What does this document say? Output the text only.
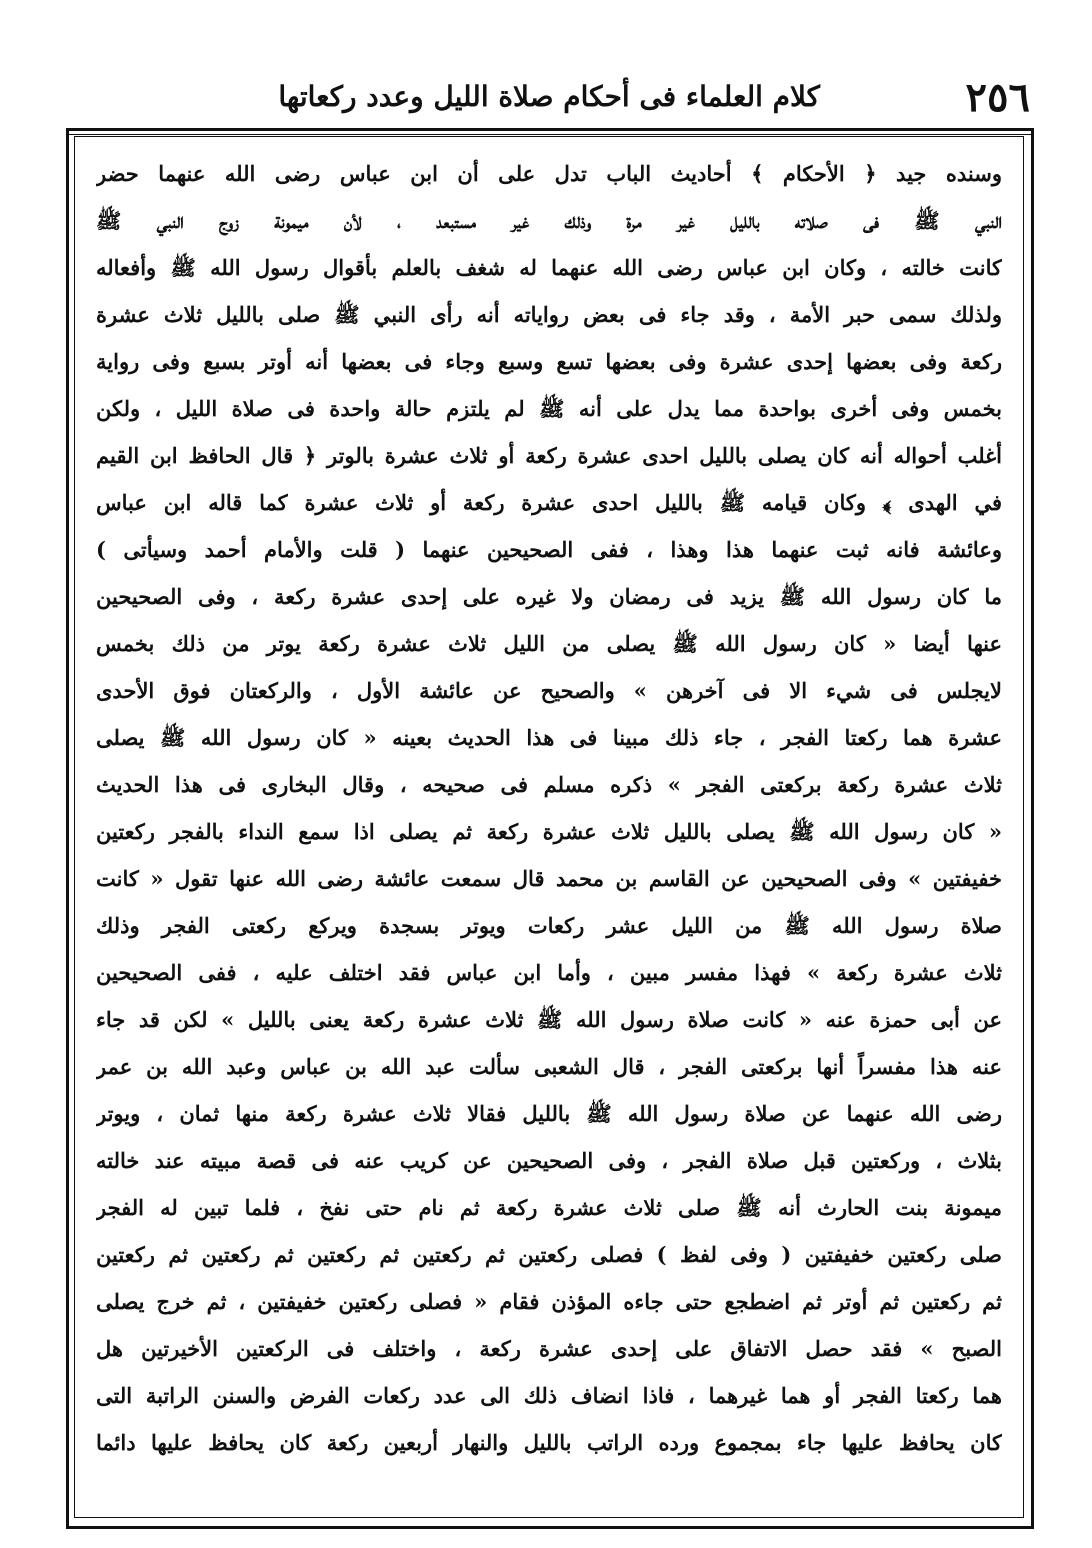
٢٥٦
كلام العلماء فى أحكام صلاة الليل وعدد ركعاتها
وسنده جيد ﴿ الأحكام ﴾ أحاديث الباب تدل على أن ابن عباس رضى الله عنهما حضر
النبي ﷺ فى صلاته بالليل غير مرة وذلك غير مستبعد ، لأن ميمونة زوج النبي ﷺ
كانت خالته ، وكان ابن عباس رضى الله عنهما له شغف بالعلم بأقوال رسول الله ﷺ وأفعاله
ولذلك سمى حبر الأمة ، وقد جاء فى بعض رواياته أنه رأى النبي ﷺ صلى بالليل ثلاث عشرة
ركعة وفى بعضها إحدى عشرة وفى بعضها تسع وسبع وجاء فى بعضها أنه أوتر بسبع وفى رواية
بخمس وفى أخرى بواحدة مما يدل على أنه ﷺ لم يلتزم حالة واحدة فى صلاة الليل ، ولكن
أغلب أحواله أنه كان يصلى بالليل احدى عشرة ركعة أو ثلاث عشرة بالوتر ﴿ قال الحافظ ابن القيم
في الهدى ﴾ وكان قيامه ﷺ بالليل احدى عشرة ركعة أو ثلاث عشرة كما قاله ابن عباس
وعائشة فانه ثبت عنهما هذا وهذا ، ففى الصحيحين عنهما ( قلت والأمام أحمد وسيأتى )
ما كان رسول الله ﷺ يزيد فى رمضان ولا غيره على إحدى عشرة ركعة ، وفى الصحيحين
عنها أيضا « كان رسول الله ﷺ يصلى من الليل ثلاث عشرة ركعة يوتر من ذلك بخمس
لايجلس فى شيء الا فى آخرهن » والصحيح عن عائشة الأول ، والركعتان فوق الأحدى
عشرة هما ركعتا الفجر ، جاء ذلك مبينا فى هذا الحديث بعينه « كان رسول الله ﷺ يصلى
ثلاث عشرة ركعة بركعتى الفجر » ذكره مسلم فى صحيحه ، وقال البخارى فى هذا الحديث
« كان رسول الله ﷺ يصلى بالليل ثلاث عشرة ركعة ثم يصلى اذا سمع النداء بالفجر ركعتين
خفيفتين » وفى الصحيحين عن القاسم بن محمد قال سمعت عائشة رضى الله عنها تقول « كانت
صلاة رسول الله ﷺ من الليل عشر ركعات ويوتر بسجدة ويركع ركعتى الفجر وذلك
ثلاث عشرة ركعة » فهذا مفسر مبين ، وأما ابن عباس فقد اختلف عليه ، ففى الصحيحين
عن أبى حمزة عنه « كانت صلاة رسول الله ﷺ ثلاث عشرة ركعة يعنى بالليل » لكن قد جاء
عنه هذا مفسراً أنها بركعتى الفجر ، قال الشعبى سألت عبد الله بن عباس وعبد الله بن عمر
رضى الله عنهما عن صلاة رسول الله ﷺ بالليل فقالا ثلاث عشرة ركعة منها ثمان ، ويوتر
بثلاث ، وركعتين قبل صلاة الفجر ، وفى الصحيحين عن كريب عنه فى قصة مبيته عند خالته
ميمونة بنت الحارث أنه ﷺ صلى ثلاث عشرة ركعة ثم نام حتى نفخ ، فلما تبين له الفجر
صلى ركعتين خفيفتين ( وفى لفظ ) فصلى ركعتين ثم ركعتين ثم ركعتين ثم ركعتين ثم ركعتين
ثم ركعتين ثم أوتر ثم اضطجع حتى جاءه المؤذن فقام « فصلى ركعتين خفيفتين ، ثم خرج يصلى
الصبح » فقد حصل الاتفاق على إحدى عشرة ركعة ، واختلف فى الركعتين الأخيرتين هل
هما ركعتا الفجر أو هما غيرهما ، فاذا انضاف ذلك الى عدد ركعات الفرض والسنن الراتبة التى
كان يحافظ عليها جاء بمجموع ورده الراتب بالليل والنهار أربعين ركعة كان يحافظ عليها دائما
